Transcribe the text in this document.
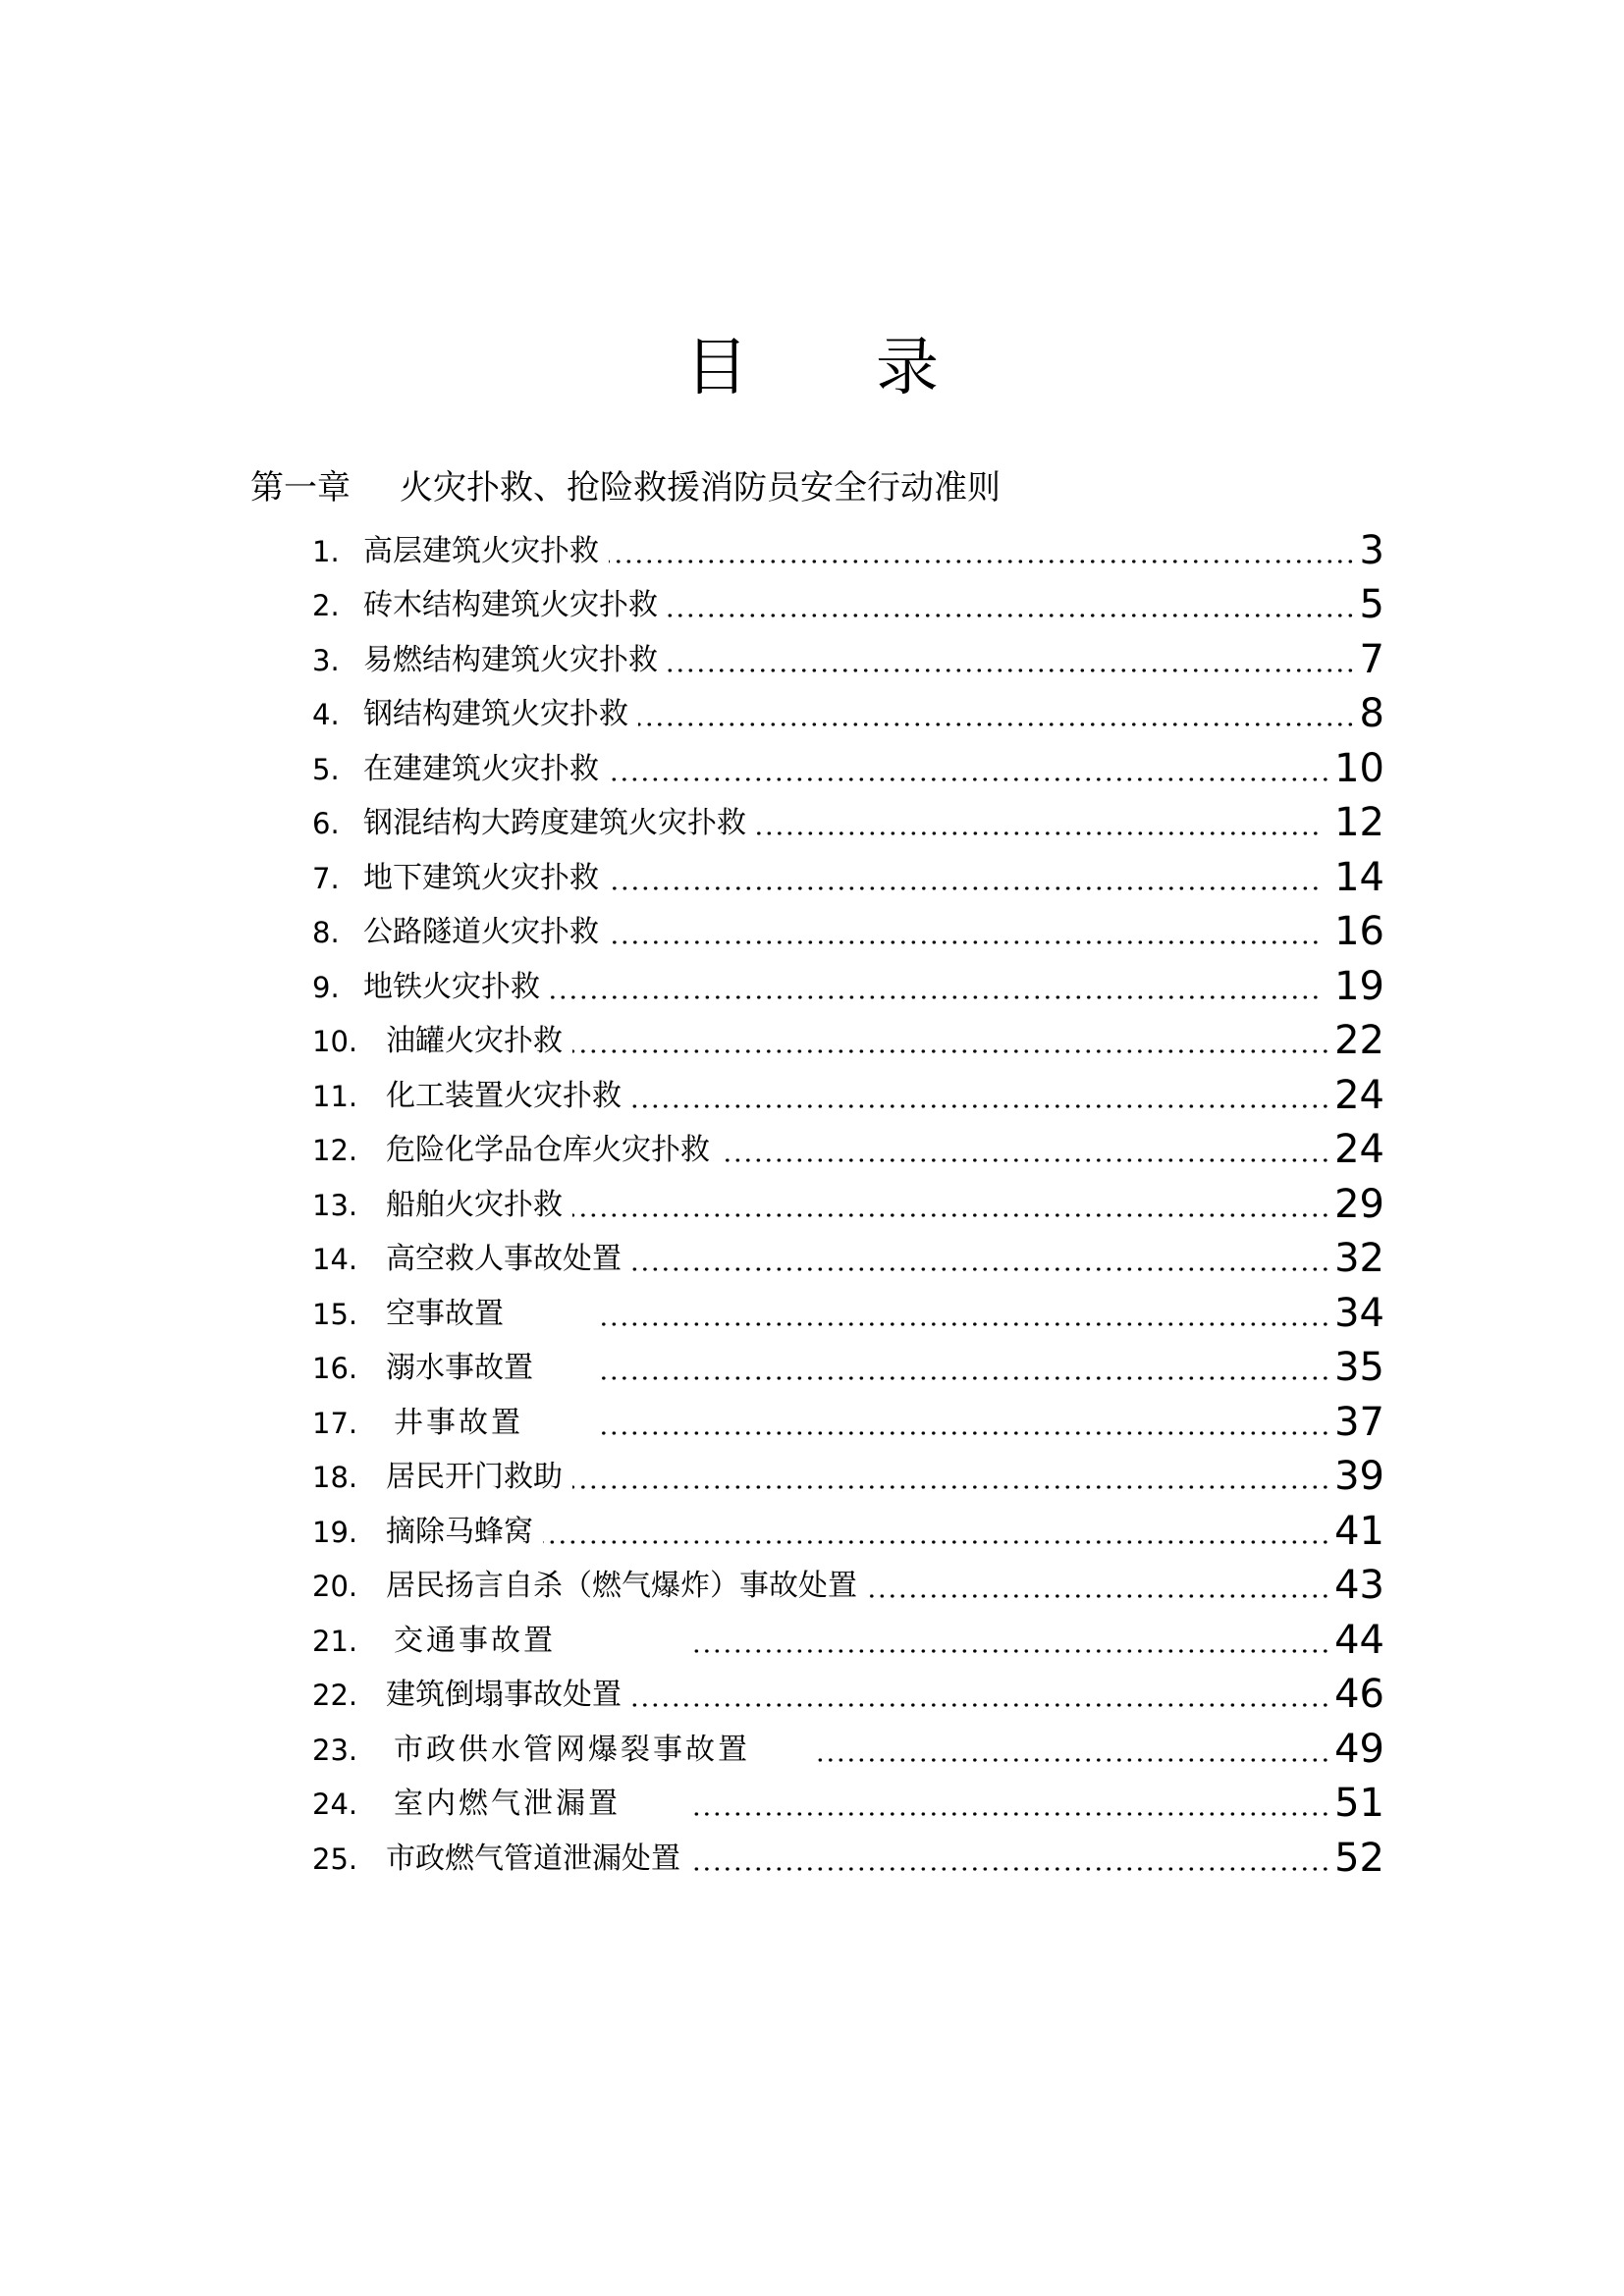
目 录
第一章 火灾扑救、抢险救援消防员安全行动准则
1. 高层建筑火灾扑救	3
2. 砖木结构建筑火灾扑救	5
3. 易燃结构建筑火灾扑救	7
4. 钢结构建筑火灾扑救	8
5. 在建建筑火灾扑救	10
6. 钢混结构大跨度建筑火灾扑救	12
7. 地下建筑火灾扑救	14
8. 公路隧道火灾扑救	16
9. 地铁火灾扑救	19
10. 油罐火灾扑救	22
11. 化工装置火灾扑救	24
12. 危险化学品仓库火灾扑救	24
13. 船舶火灾扑救	29
14. 高空救人事故处置	32
15. 空事故置	34
16. 溺水事故置	35
17.	井事故置	37
18. 居民开门救助	39
19. 摘除马蜂窝	41
20. 居民扬言自杀（燃气爆炸）事故处置	43
21.	交通事故置	44
22. 建筑倒塌事故处置	46
23.	市政供水管网爆裂事故置	49
24.	室内燃气泄漏置	51
25. 市政燃气管道泄漏处置	52
